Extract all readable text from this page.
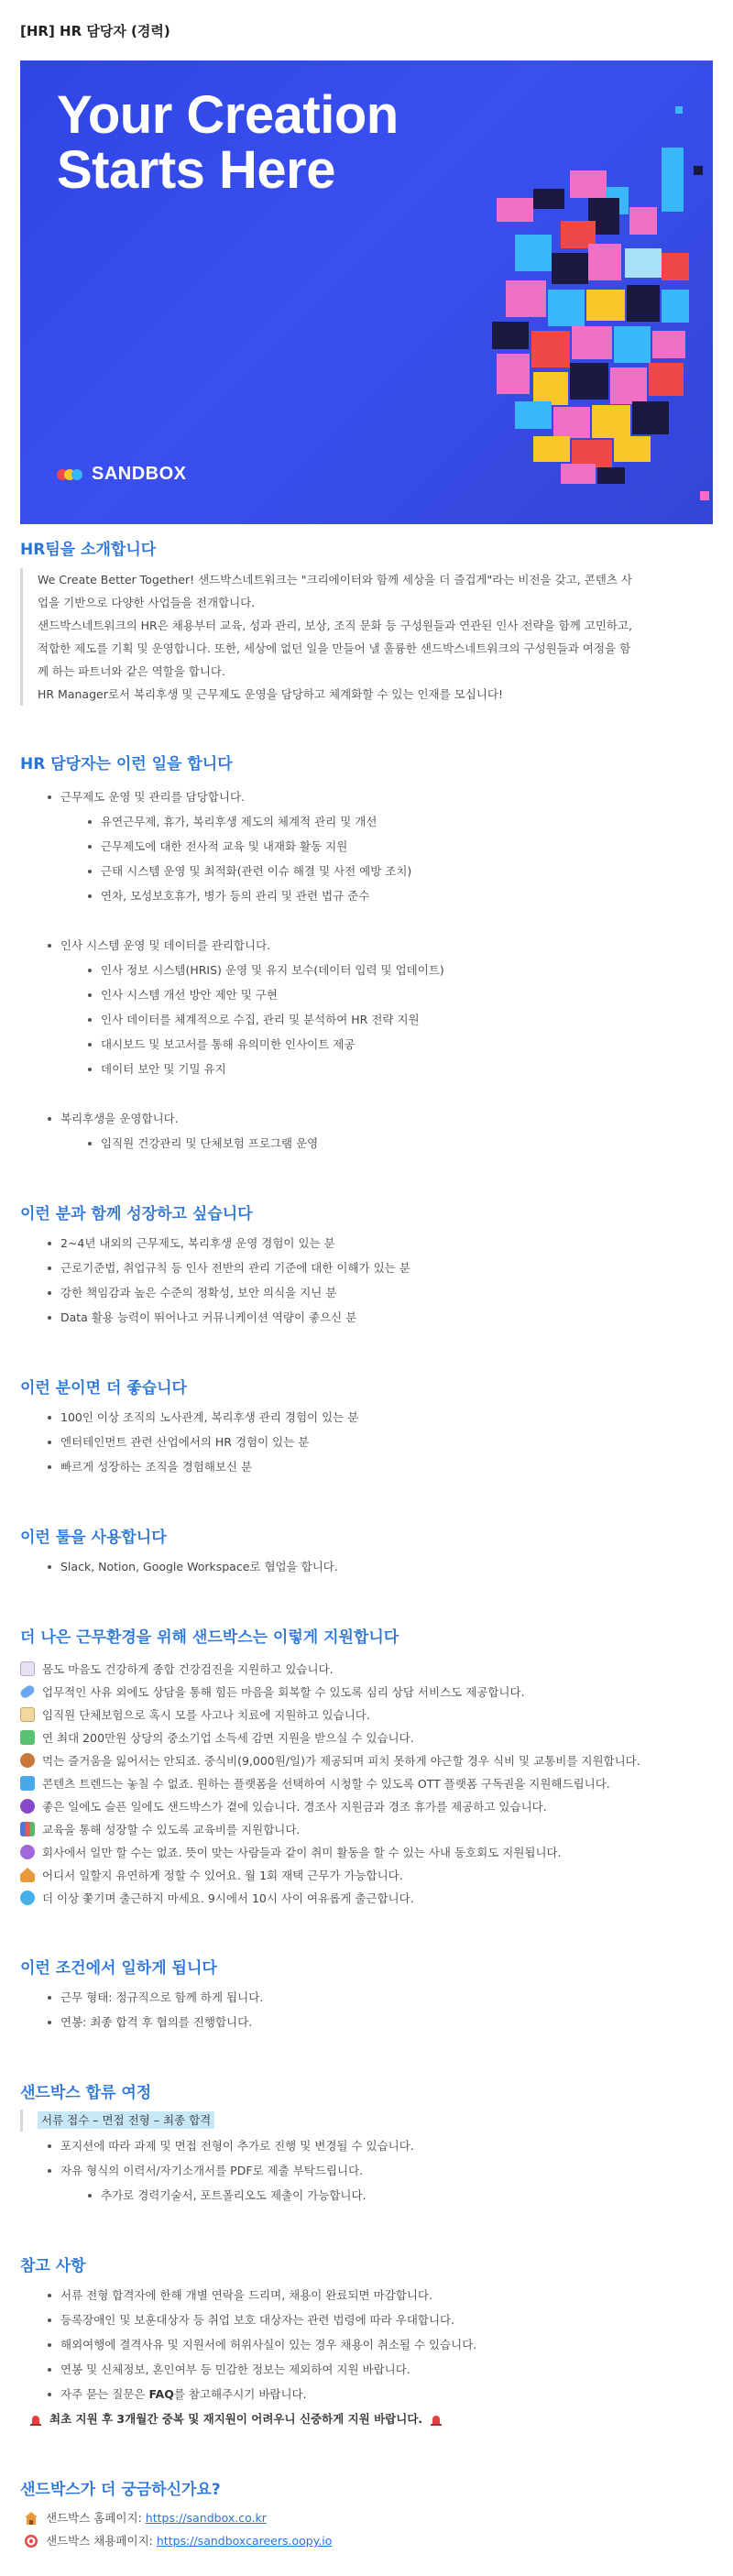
[HR] HR 담당자 (경력)
Your Creation
Starts Here
SANDBOX
HR팀을 소개합니다
We Create Better Together! 샌드박스네트워크는 "크리에이터와 함께 세상을 더 즐겁게"라는 비전을 갖고, 콘텐츠 사
업을 기반으로 다양한 사업들을 전개합니다.
샌드박스네트워크의 HR은 채용부터 교육, 성과 관리, 보상, 조직 문화 등 구성원들과 연관된 인사 전략을 함께 고민하고,
적합한 제도를 기획 및 운영합니다. 또한, 세상에 없던 일을 만들어 낼 훌륭한 샌드박스네트워크의 구성원들과 여정을 함
께 하는 파트너와 같은 역할을 합니다.
HR Manager로서 복리후생 및 근무제도 운영을 담당하고 체계화할 수 있는 인재를 모십니다!
HR 담당자는 이런 일을 합니다
근무제도 운영 및 관리를 담당합니다.
유연근무제, 휴가, 복리후생 제도의 체계적 관리 및 개선
근무제도에 대한 전사적 교육 및 내재화 활동 지원
근태 시스템 운영 및 최적화(관련 이슈 해결 및 사전 예방 조치)
연차, 모성보호휴가, 병가 등의 관리 및 관련 법규 준수
인사 시스템 운영 및 데이터를 관리합니다.
인사 정보 시스템(HRIS) 운영 및 유지 보수(데이터 입력 및 업데이트)
인사 시스템 개선 방안 제안 및 구현
인사 데이터를 체계적으로 수집, 관리 및 분석하여 HR 전략 지원
대시보드 및 보고서를 통해 유의미한 인사이트 제공
데이터 보안 및 기밀 유지
복리후생을 운영합니다.
임직원 건강관리 및 단체보험 프로그램 운영
이런 분과 함께 성장하고 싶습니다
2~4년 내외의 근무제도, 복리후생 운영 경험이 있는 분
근로기준법, 취업규칙 등 인사 전반의 관리 기준에 대한 이해가 있는 분
강한 책임감과 높은 수준의 정확성, 보안 의식을 지닌 분
Data 활용 능력이 뛰어나고 커뮤니케이션 역량이 좋으신 분
이런 분이면 더 좋습니다
100인 이상 조직의 노사관계, 복리후생 관리 경험이 있는 분
엔터테인먼트 관련 산업에서의 HR 경험이 있는 분
빠르게 성장하는 조직을 경험해보신 분
이런 툴을 사용합니다
Slack, Notion, Google Workspace로 협업을 합니다.
더 나은 근무환경을 위해 샌드박스는 이렇게 지원합니다
몸도 마음도 건강하게 종합 건강검진을 지원하고 있습니다.
업무적인 사유 외에도 상담을 통해 힘든 마음을 회복할 수 있도록 심리 상담 서비스도 제공합니다.
임직원 단체보험으로 혹시 모를 사고나 치료에 지원하고 있습니다.
연 최대 200만원 상당의 중소기업 소득세 감면 지원을 받으실 수 있습니다.
먹는 즐거움을 잃어서는 안되죠. 중식비(9,000원/일)가 제공되며 피치 못하게 야근할 경우 식비 및 교통비를 지원합니다.
콘텐츠 트렌드는 놓칠 수 없죠. 원하는 플랫폼을 선택하여 시청할 수 있도록 OTT 플랫폼 구독권을 지원해드립니다.
좋은 일에도 슬픈 일에도 샌드박스가 곁에 있습니다. 경조사 지원금과 경조 휴가를 제공하고 있습니다.
교육을 통해 성장할 수 있도록 교육비를 지원합니다.
회사에서 일만 할 수는 없죠. 뜻이 맞는 사람들과 같이 취미 활동을 할 수 있는 사내 동호회도 지원됩니다.
어디서 일할지 유연하게 정할 수 있어요. 월 1회 재택 근무가 가능합니다.
더 이상 쫓기며 출근하지 마세요. 9시에서 10시 사이 여유롭게 출근합니다.
이런 조건에서 일하게 됩니다
근무 형태: 정규직으로 함께 하게 됩니다.
연봉: 최종 합격 후 협의를 진행합니다.
샌드박스 합류 여정
서류 접수 – 면접 전형 – 최종 합격
포지션에 따라 과제 및 면접 전형이 추가로 진행 및 변경될 수 있습니다.
자유 형식의 이력서/자기소개서를 PDF로 제출 부탁드립니다.
추가로 경력기술서, 포트폴리오도 제출이 가능합니다.
참고 사항
서류 전형 합격자에 한해 개별 연락을 드리며, 채용이 완료되면 마감합니다.
등록장애인 및 보훈대상자 등 취업 보호 대상자는 관련 법령에 따라 우대합니다.
해외여행에 결격사유 및 지원서에 허위사실이 있는 경우 채용이 취소될 수 있습니다.
연봉 및 신체정보, 혼인여부 등 민감한 정보는 제외하여 지원 바랍니다.
자주 묻는 질문은 FAQ를 참고해주시기 바랍니다.
최초 지원 후 3개월간 중복 및 재지원이 어려우니 신중하게 지원 바랍니다.
샌드박스가 더 궁금하신가요?
샌드박스 홈페이지: https://sandbox.co.kr
샌드박스 채용페이지: https://sandboxcareers.oopy.io
